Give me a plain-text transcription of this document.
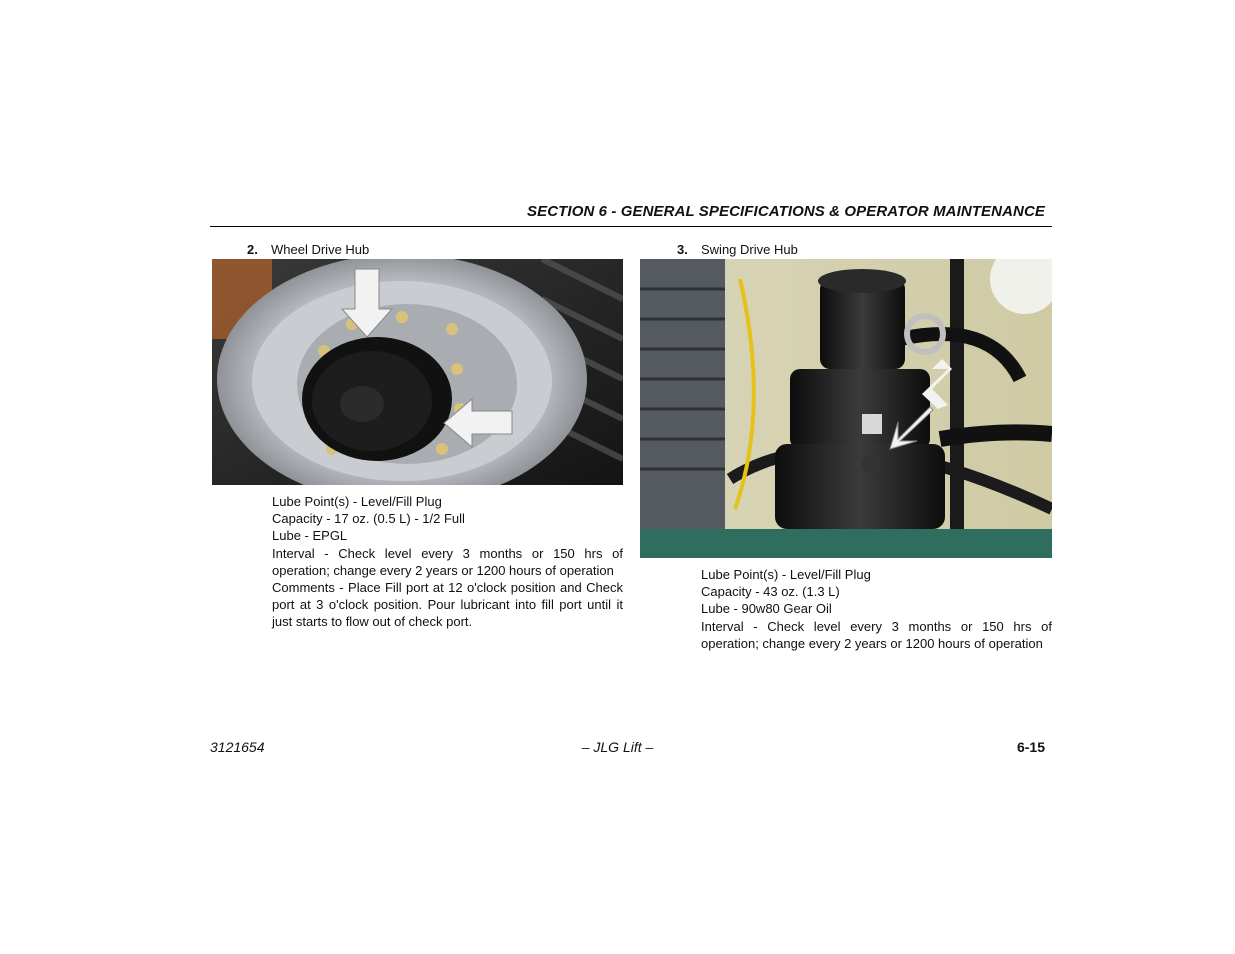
SECTION 6 - GENERAL SPECIFICATIONS & OPERATOR MAINTENANCE
2. Wheel Drive Hub
Lube Point(s) - Level/Fill Plug
Capacity - 17 oz. (0.5 L) - 1/2 Full
Lube - EPGL
Interval - Check level every 3 months or 150 hrs of operation; change every 2 years or 1200 hours of operation
Comments - Place Fill port at 12 o'clock position and Check port at 3 o'clock position. Pour lubricant into fill port until it just starts to flow out of check port.
3. Swing Drive Hub
Lube Point(s) - Level/Fill Plug
Capacity - 43 oz. (1.3 L)
Lube - 90w80 Gear Oil
Interval - Check level every 3 months or 150 hrs of operation; change every 2 years or 1200 hours of operation
3121654	– JLG Lift –	6-15
